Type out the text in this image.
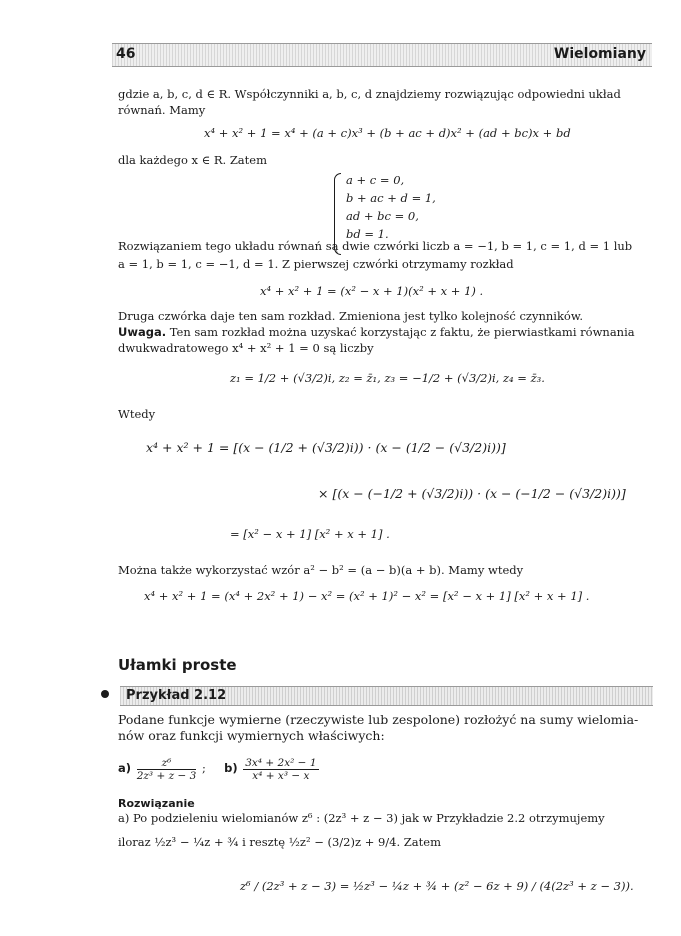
46	Wielomiany
gdzie a, b, c, d ∈ R. Współczynniki a, b, c, d znajdziemy rozwiązując odpowiedni układ
równań. Mamy
x⁴ + x² + 1 = x⁴ + (a + c)x³ + (b + ac + d)x² + (ad + bc)x + bd
dla każdego x ∈ R. Zatem
a + c = 0,
b + ac + d = 1,
ad + bc = 0,
bd = 1.
Rozwiązaniem tego układu równań są dwie czwórki liczb a = −1, b = 1, c = 1, d = 1 lub
a = 1, b = 1, c = −1, d = 1. Z pierwszej czwórki otrzymamy rozkład
x⁴ + x² + 1 = (x² − x + 1)(x² + x + 1) .
Druga czwórka daje ten sam rozkład. Zmieniona jest tylko kolejność czynników.
Uwaga. Ten sam rozkład można uzyskać korzystając z faktu, że pierwiastkami równania
dwukwadratowego x⁴ + x² + 1 = 0 są liczby
z₁ = 1/2 + (√3/2)i, z₂ = z̄₁, z₃ = −1/2 + (√3/2)i, z₄ = z̄₃.
Wtedy
x⁴ + x² + 1 = [(x − (1/2 + (√3/2)i)) · (x − (1/2 − (√3/2)i))]
× [(x − (−1/2 + (√3/2)i)) · (x − (−1/2 − (√3/2)i))]
= [x² − x + 1] [x² + x + 1] .
Można także wykorzystać wzór a² − b² = (a − b)(a + b). Mamy wtedy
x⁴ + x² + 1 = (x⁴ + 2x² + 1) − x² = (x² + 1)² − x² = [x² − x + 1] [x² + x + 1] .
Ułamki proste
Przykład 2.12
Podane funkcje wymierne (rzeczywiste lub zespolone) rozłożyć na sumy wielomia-
nów oraz funkcji wymiernych właściwych:
$a) \frac{\text{z⁶}}{\text{2z³ + z − 3}}$ ;     $b) \frac{\text{3x⁴ + 2x² − 1}}{\text{x⁴ + x³ − x}}$
Rozwiązanie
a) Po podzieleniu wielomianów z⁶ : (2z³ + z − 3) jak w Przykładzie 2.2 otrzymujemy
iloraz ½z³ − ¼z + ¾ i resztę ½z² − (3/2)z + 9/4. Zatem
z⁶ / (2z³ + z − 3) = ½z³ − ¼z + ¾ + (z² − 6z + 9) / (4(2z³ + z − 3)).
